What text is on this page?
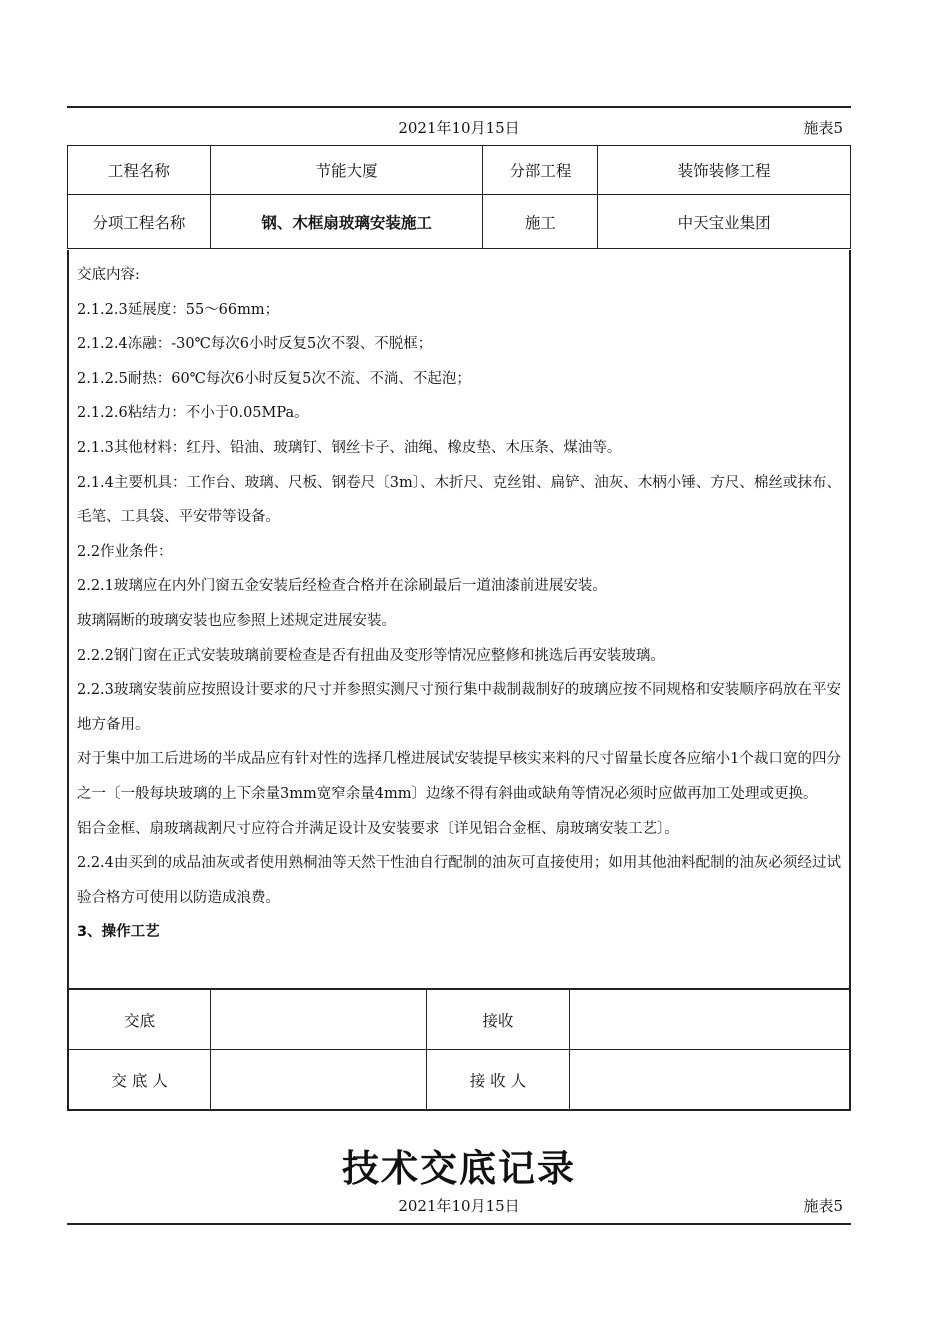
2021年10月15日	施表5
工程名称	节能大厦	分部工程	装饰装修工程
分项工程名称	钢、木框扇玻璃安装施工	施工	中天宝业集团

交底内容:

2.1.2.3延展度：55～66mm；

2.1.2.4冻融：-30℃每次6小时反复5次不裂、不脱框；

2.1.2.5耐热：60℃每次6小时反复5次不流、不淌、不起泡；

2.1.2.6粘结力：不小于0.05MPa。

2.1.3其他材料：红丹、铅油、玻璃钉、钢丝卡子、油绳、橡皮垫、木压条、煤油等。

2.1.4主要机具：工作台、玻璃、尺板、钢卷尺〔3m〕、木折尺、克丝钳、扁铲、油灰、木柄小锤、方尺、棉丝或抹布、毛笔、工具袋、平安带等设备。

2.2作业条件：

2.2.1玻璃应在内外门窗五金安装后经检查合格并在涂刷最后一道油漆前进展安装。

玻璃隔断的玻璃安装也应参照上述规定进展安装。

2.2.2钢门窗在正式安装玻璃前要检查是否有扭曲及变形等情况应整修和挑选后再安装玻璃。

2.2.3玻璃安装前应按照设计要求的尺寸并参照实测尺寸预行集中裁制裁制好的玻璃应按不同规格和安装顺序码放在平安地方备用。

对于集中加工后进场的半成品应有针对性的选择几樘进展试安装提早核实来料的尺寸留量长度各应缩小1个裁口宽的四分之一〔一般每块玻璃的上下余量3mm宽窄余量4mm〕边缘不得有斜曲或缺角等情况必须时应做再加工处理或更换。

铝合金框、扇玻璃裁割尺寸应符合并满足设计及安装要求〔详见铝合金框、扇玻璃安装工艺〕。

2.2.4由买到的成品油灰或者使用熟桐油等天然干性油自行配制的油灰可直接使用；如用其他油料配制的油灰必须经过试验合格方可使用以防造成浪费。

3、操作工艺

交底		接收	
交 底 人		接 收 人	
技术交底记录
2021年10月15日	施表5
